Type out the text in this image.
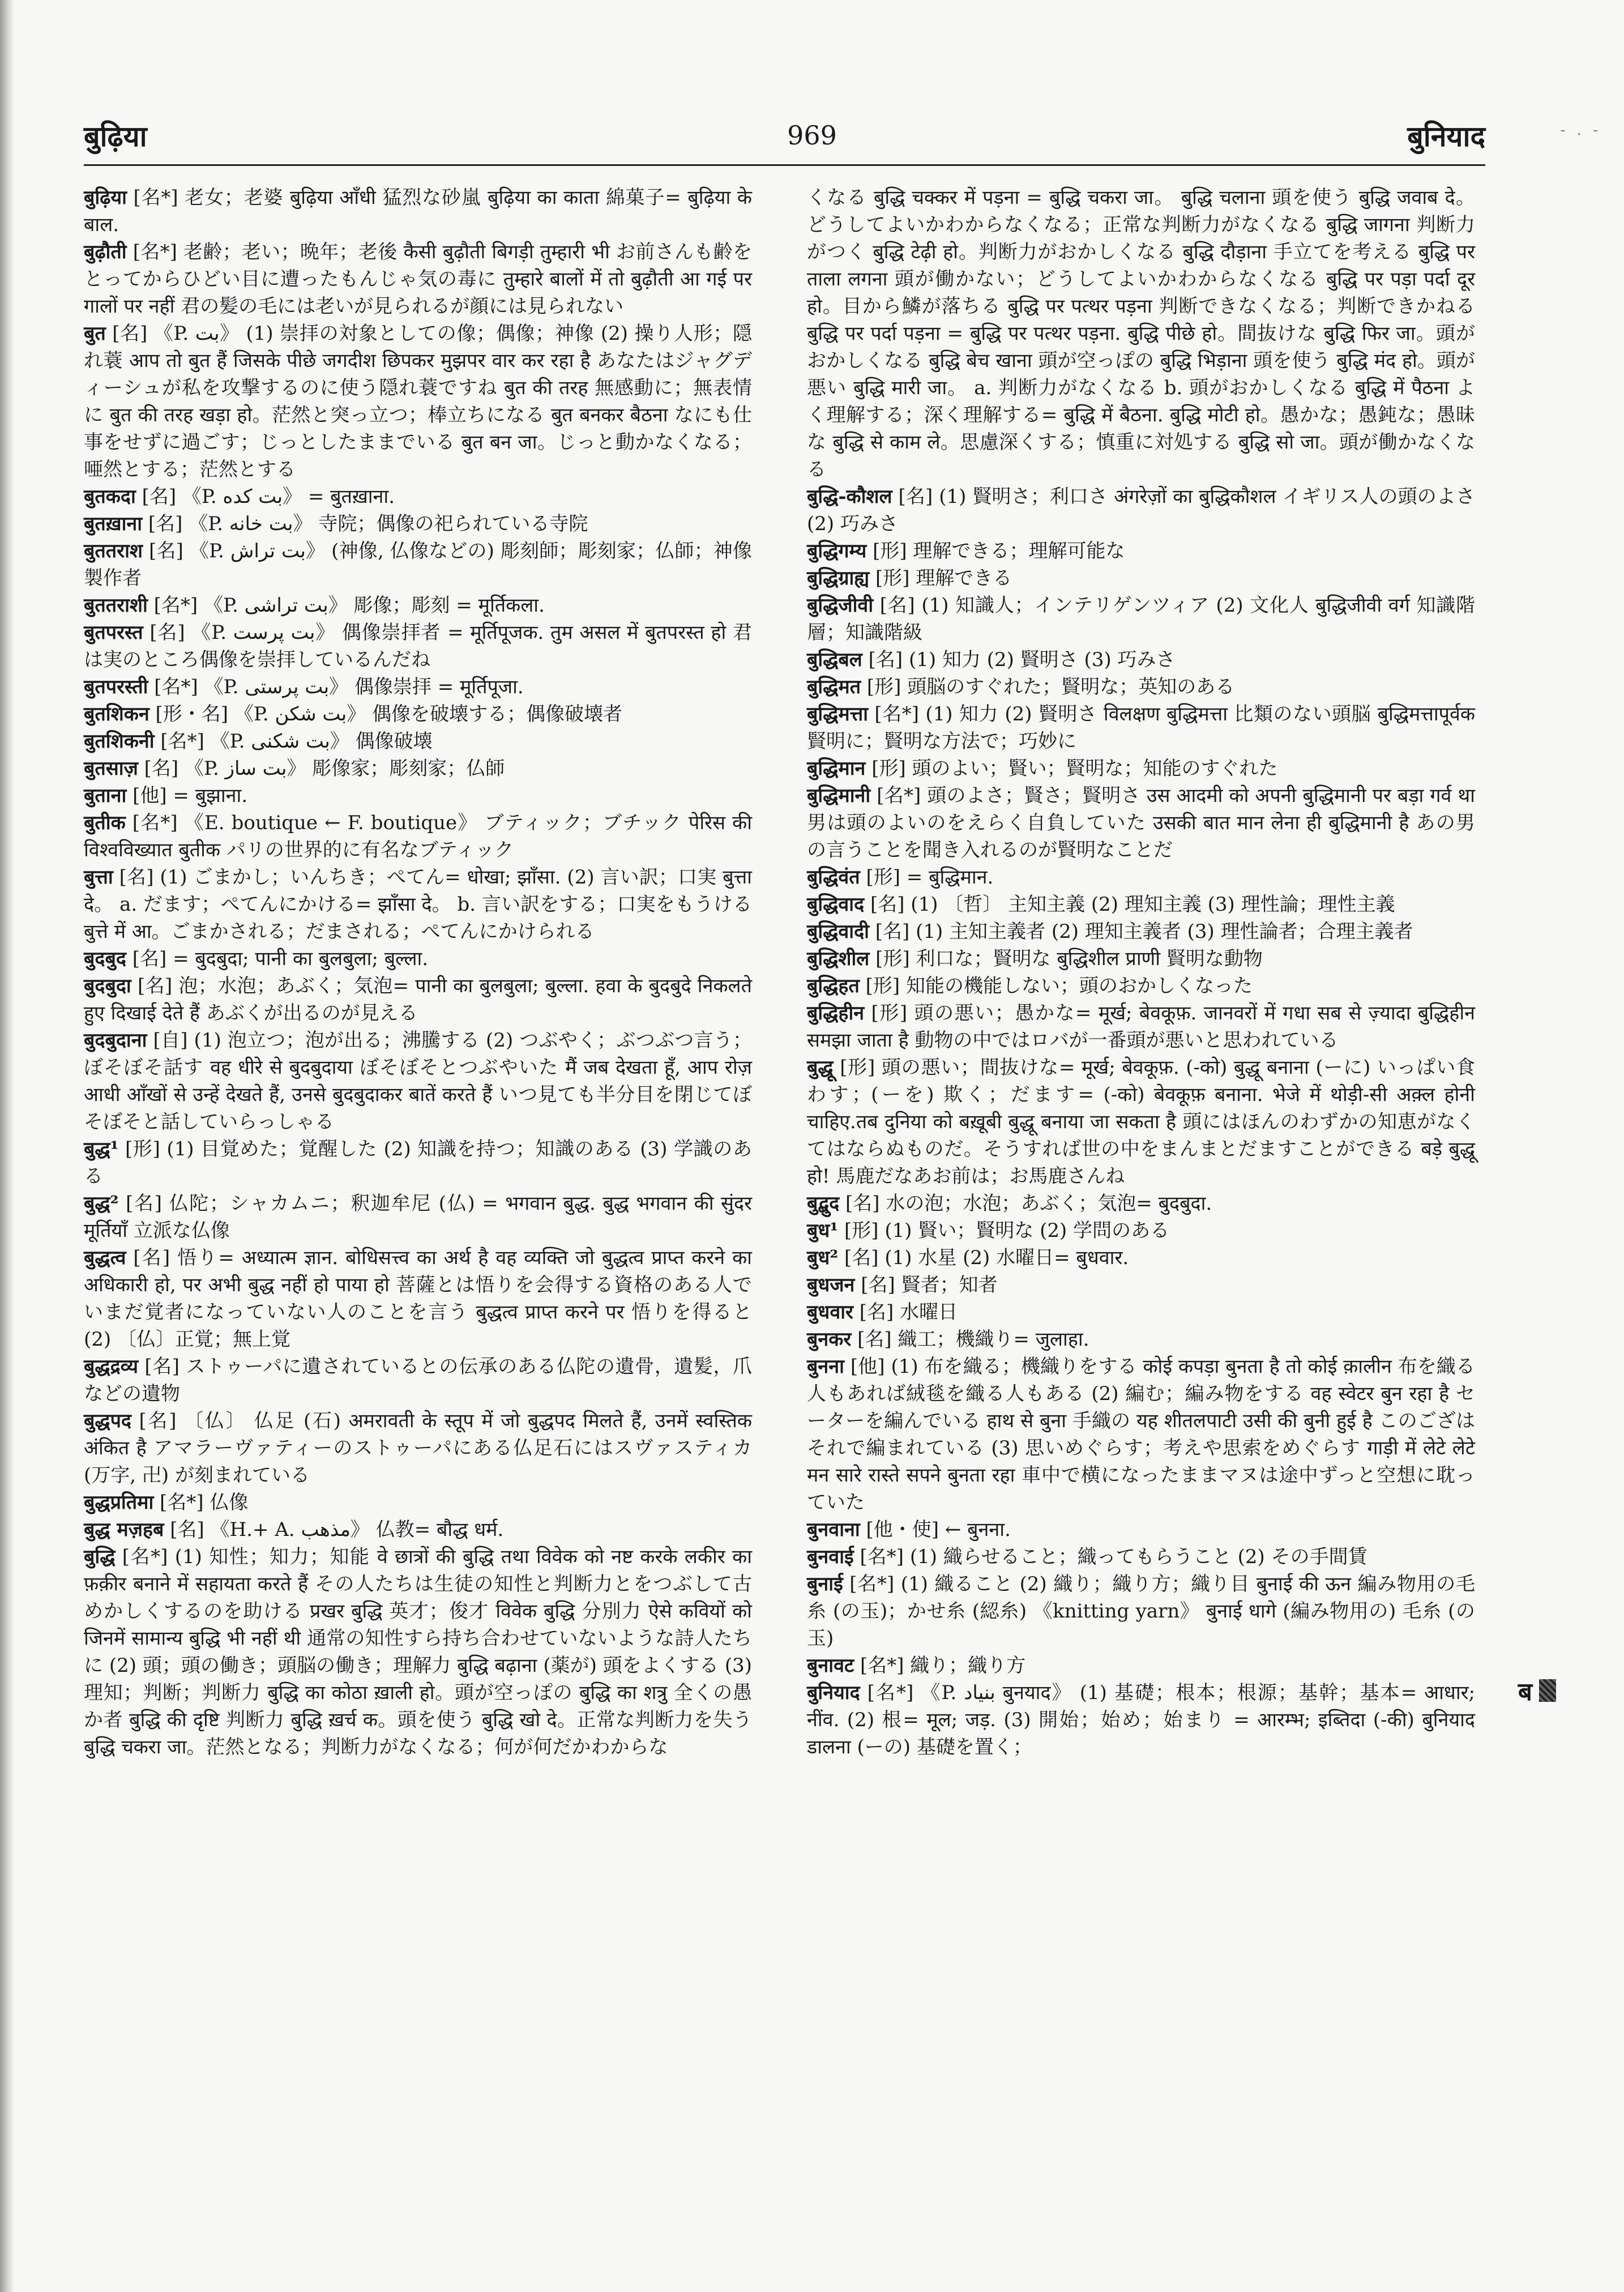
बुढ़िया	969	बुनियाद	- . -
बुढ़िया [名*] 老女；老婆 बुढ़िया आँधी 猛烈な砂嵐 बुढ़िया का काता 綿菓子= बुढ़िया के बाल.
बुढ़ौती [名*] 老齢；老い；晩年；老後 कैसी बुढ़ौती बिगड़ी तुम्हारी भी お前さんも齢をとってからひどい目に遭ったもんじゃ気の毒に तुम्हारे बालों में तो बुढ़ौती आ गई पर गालों पर नहीं 君の髪の毛には老いが見られるが顔には見られない
बुत [名] 《P. بت》 (1) 崇拝の対象としての像；偶像；神像 (2) 操り人形；隠れ蓑 आप तो बुत हैं जिसके पीछे जगदीश छिपकर मुझपर वार कर रहा है あなたはジャグディーシュが私を攻撃するのに使う隠れ蓑ですね बुत की तरह 無感動に；無表情に बुत की तरह खड़ा हो。茫然と突っ立つ；棒立ちになる बुत बनकर बैठना なにも仕事をせずに過ごす；じっとしたままでいる बुत बन जा。じっと動かなくなる；唖然とする；茫然とする
बुतकदा [名] 《P. بت کده》 = बुतख़ाना.
बुतख़ाना [名] 《P. بت خانه》 寺院；偶像の祀られている寺院
बुततराश [名] 《P. بت تراش》 (神像, 仏像などの) 彫刻師；彫刻家；仏師；神像製作者
बुततराशी [名*] 《P. بت تراشی》 彫像；彫刻 = मूर्तिकला.
बुतपरस्त [名] 《P. بت پرست》 偶像崇拝者 = मूर्तिपूजक. तुम असल में बुतपरस्त हो 君は実のところ偶像を崇拝しているんだね
बुतपरस्ती [名*] 《P. بت پرستی》 偶像崇拝 = मूर्तिपूजा.
बुतशिकन [形・名] 《P. بت شکن》 偶像を破壊する；偶像破壊者
बुतशिकनी [名*] 《P. بت شکنی》 偶像破壊
बुतसाज़ [名] 《P. بت ساز》 彫像家；彫刻家；仏師
बुताना [他] = बुझाना.
बुतीक [名*] 《E. boutique ← F. boutique》 ブティック；ブチック पेरिस की विश्वविख्यात बुतीक パリの世界的に有名なブティック
बुत्ता [名] (1) ごまかし；いんちき；ぺてん= धोखा; झाँसा. (2) 言い訳；口実 बुत्ता दे。 a. だます；ぺてんにかける= झाँसा दे。 b. 言い訳をする；口実をもうける बुत्ते में आ。ごまかされる；だまされる；ぺてんにかけられる
बुदबुद [名] = बुदबुदा; पानी का बुलबुला; बुल्ला.
बुदबुदा [名] 泡；水泡；あぶく；気泡= पानी का बुलबुला; बुल्ला. हवा के बुदबुदे निकलते हुए दिखाई देते हैं あぶくが出るのが見える
बुदबुदाना [自] (1) 泡立つ；泡が出る；沸騰する (2) つぶやく；ぶつぶつ言う；ぼそぼそ話す वह धीरे से बुदबुदाया ぼそぼそとつぶやいた मैं जब देखता हूँ, आप रोज़ आधी आँखों से उन्हें देखते हैं, उनसे बुदबुदाकर बातें करते हैं いつ見ても半分目を閉じてぼそぼそと話していらっしゃる
बुद्ध¹ [形] (1) 目覚めた；覚醒した (2) 知識を持つ；知識のある (3) 学識のある
बुद्ध² [名] 仏陀；シャカムニ；釈迦牟尼 (仏) = भगवान बुद्ध. बुद्ध भगवान की सुंदर मूर्तियाँ 立派な仏像
बुद्धत्व [名] 悟り= अध्यात्म ज्ञान. बोधिसत्त्व का अर्थ है वह व्यक्ति जो बुद्धत्व प्राप्त करने का अधिकारी हो, पर अभी बुद्ध नहीं हो पाया हो 菩薩とは悟りを会得する資格のある人でいまだ覚者になっていない人のことを言う बुद्धत्व प्राप्त करने पर 悟りを得ると (2) 〔仏〕正覚；無上覚
बुद्धद्रव्य [名] ストゥーパに遺されているとの伝承のある仏陀の遺骨，遺髪，爪などの遺物
बुद्धपद [名] 〔仏〕 仏足 (石) अमरावती के स्तूप में जो बुद्धपद मिलते हैं, उनमें स्वस्तिक अंकित है アマラーヴァティーのストゥーパにある仏足石にはスヴァスティカ (万字, 卍) が刻まれている
बुद्धप्रतिमा [名*] 仏像
बुद्ध मज़हब [名] 《H.+ A. مذهب》 仏教= बौद्ध धर्म.
बुद्धि [名*] (1) 知性；知力；知能 वे छात्रों की बुद्धि तथा विवेक को नष्ट करके लकीर का फ़क़ीर बनाने में सहायता करते हैं その人たちは生徒の知性と判断力とをつぶして古めかしくするのを助ける प्रखर बुद्धि 英才；俊才 विवेक बुद्धि 分別力 ऐसे कवियों को जिनमें सामान्य बुद्धि भी नहीं थी 通常の知性すら持ち合わせていないような詩人たちに (2) 頭；頭の働き；頭脳の働き；理解力 बुद्धि बढ़ाना (薬が) 頭をよくする (3) 理知；判断；判断力 बुद्धि का कोठा ख़ाली हो。頭が空っぽの बुद्धि का शत्रु 全くの愚か者 बुद्धि की दृष्टि 判断力 बुद्धि ख़र्च क。頭を使う बुद्धि खो दे。正常な判断力を失う बुद्धि चकरा जा。茫然となる；判断力がなくなる；何が何だかわからな
くなる बुद्धि चक्कर में पड़ना = बुद्धि चकरा जा。 बुद्धि चलाना 頭を使う बुद्धि जवाब दे。どうしてよいかわからなくなる；正常な判断力がなくなる बुद्धि जागना 判断力がつく बुद्धि टेढ़ी हो。判断力がおかしくなる बुद्धि दौड़ाना 手立てを考える बुद्धि पर ताला लगना 頭が働かない；どうしてよいかわからなくなる बुद्धि पर पड़ा पर्दा दूर हो。目から鱗が落ちる बुद्धि पर पत्थर पड़ना 判断できなくなる；判断できかねる बुद्धि पर पर्दा पड़ना = बुद्धि पर पत्थर पड़ना. बुद्धि पीछे हो。間抜けな बुद्धि फिर जा。頭がおかしくなる बुद्धि बेच खाना 頭が空っぽの बुद्धि भिड़ाना 頭を使う बुद्धि मंद हो。頭が悪い बुद्धि मारी जा。 a. 判断力がなくなる b. 頭がおかしくなる बुद्धि में पैठना よく理解する；深く理解する= बुद्धि में बैठना. बुद्धि मोटी हो。愚かな；愚鈍な；愚昧な बुद्धि से काम ले。思慮深くする；慎重に対処する बुद्धि सो जा。頭が働かなくなる
बुद्धि-कौशल [名] (1) 賢明さ；利口さ अंगरेज़ों का बुद्धिकौशल イギリス人の頭のよさ (2) 巧みさ
बुद्धिगम्य [形] 理解できる；理解可能な
बुद्धिग्राह्य [形] 理解できる
बुद्धिजीवी [名] (1) 知識人；インテリゲンツィア (2) 文化人 बुद्धिजीवी वर्ग 知識階層；知識階級
बुद्धिबल [名] (1) 知力 (2) 賢明さ (3) 巧みさ
बुद्धिमत [形] 頭脳のすぐれた；賢明な；英知のある
बुद्धिमत्ता [名*] (1) 知力 (2) 賢明さ विलक्षण बुद्धिमत्ता 比類のない頭脳 बुद्धिमत्तापूर्वक 賢明に；賢明な方法で；巧妙に
बुद्धिमान [形] 頭のよい；賢い；賢明な；知能のすぐれた
बुद्धिमानी [名*] 頭のよさ；賢さ；賢明さ उस आदमी को अपनी बुद्धिमानी पर बड़ा गर्व था 男は頭のよいのをえらく自負していた उसकी बात मान लेना ही बुद्धिमानी है あの男の言うことを聞き入れるのが賢明なことだ
बुद्धिवंत [形] = बुद्धिमान.
बुद्धिवाद [名] (1) 〔哲〕 主知主義 (2) 理知主義 (3) 理性論；理性主義
बुद्धिवादी [名] (1) 主知主義者 (2) 理知主義者 (3) 理性論者；合理主義者
बुद्धिशील [形] 利口な；賢明な बुद्धिशील प्राणी 賢明な動物
बुद्धिहत [形] 知能の機能しない；頭のおかしくなった
बुद्धिहीन [形] 頭の悪い；愚かな= मूर्ख; बेवकूफ़. जानवरों में गधा सब से ज़्यादा बुद्धिहीन समझा जाता है 動物の中ではロバが一番頭が悪いと思われている
बुद्धू [形] 頭の悪い；間抜けな= मूर्ख; बेवकूफ़. (-को) बुद्धू बनाना (ーに) いっぱい食わす；(ーを) 欺く；だます= (-को) बेवकूफ़ बनाना. भेजे में थोड़ी-सी अक़्ल होनी चाहिए.तब दुनिया को बख़ूबी बुद्धू बनाया जा सकता है 頭にはほんのわずかの知恵がなくてはならぬものだ。そうすれば世の中をまんまとだますことができる बड़े बुद्धू हो! 馬鹿だなあお前は；お馬鹿さんね
बुद्बुद [名] 水の泡；水泡；あぶく；気泡= बुदबुदा.
बुध¹ [形] (1) 賢い；賢明な (2) 学問のある
बुध² [名] (1) 水星 (2) 水曜日= बुधवार.
बुधजन [名] 賢者；知者
बुधवार [名] 水曜日
बुनकर [名] 織工；機織り= जुलाहा.
बुनना [他] (1) 布を織る；機織りをする कोई कपड़ा बुनता है तो कोई क़ालीन 布を織る人もあれば絨毯を織る人もある (2) 編む；編み物をする वह स्वेटर बुन रहा है セーターを編んでいる हाथ से बुना 手織の यह शीतलपाटी उसी की बुनी हुई है このござはそれで編まれている (3) 思いめぐらす；考えや思索をめぐらす गाड़ी में लेटे लेटे मन सारे रास्ते सपने बुनता रहा 車中で横になったままマヌは途中ずっと空想に耽っていた
बुनवाना [他・使] ← बुनना.
बुनवाई [名*] (1) 織らせること；織ってもらうこと (2) その手間賃
बुनाई [名*] (1) 織ること (2) 織り；織り方；織り目 बुनाई की ऊन 編み物用の毛糸 (の玉)；かせ糸 (綛糸) 《knitting yarn》 बुनाई धागे (編み物用の) 毛糸 (の玉)
बुनावट [名*] 織り；織り方
बुनियाद [名*] 《P. بنیاد बुनयाद》 (1) 基礎；根本；根源；基幹；基本= आधार; नींव. (2) 根= मूल; जड़. (3) 開始；始め；始まり = आरम्भ; इब्तिदा (-की) बुनियाद डालना (ーの) 基礎を置く；
ब
